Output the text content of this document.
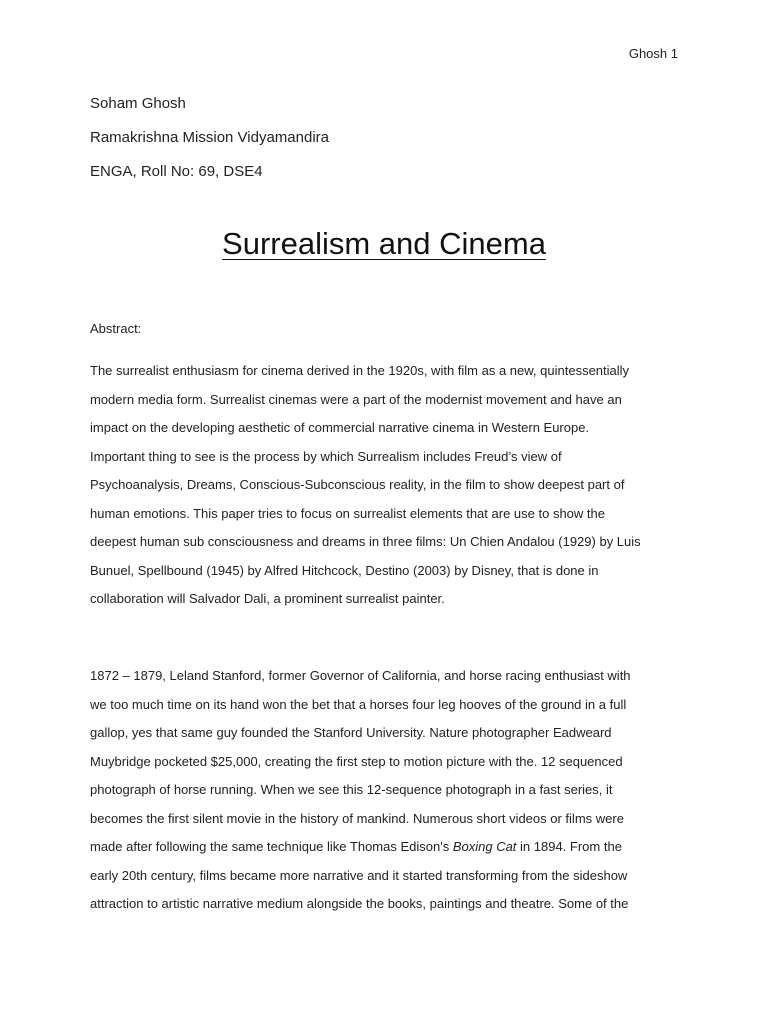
Ghosh 1
Soham Ghosh
Ramakrishna Mission Vidyamandira
ENGA, Roll No: 69, DSE4
Surrealism and Cinema
Abstract:
The surrealist enthusiasm for cinema derived in the 1920s, with film as a new, quintessentially
modern media form. Surrealist cinemas were a part of the modernist movement and have an
impact on the developing aesthetic of commercial narrative cinema in Western Europe.
Important thing to see is the process by which Surrealism includes Freud’s view of
Psychoanalysis, Dreams, Conscious-Subconscious reality, in the film to show deepest part of
human emotions. This paper tries to focus on surrealist elements that are use to show the
deepest human sub consciousness and dreams in three films: Un Chien Andalou (1929) by Luis
Bunuel, Spellbound (1945) by Alfred Hitchcock, Destino (2003) by Disney, that is done in
collaboration will Salvador Dali, a prominent surrealist painter.
1872 – 1879, Leland Stanford, former Governor of California, and horse racing enthusiast with
we too much time on its hand won the bet that a horses four leg hooves of the ground in a full
gallop, yes that same guy founded the Stanford University. Nature photographer Eadweard
Muybridge pocketed $25,000, creating the first step to motion picture with the. 12 sequenced
photograph of horse running. When we see this 12-sequence photograph in a fast series, it
becomes the first silent movie in the history of mankind. Numerous short videos or films were
made after following the same technique like Thomas Edison's Boxing Cat in 1894. From the
early 20th century, films became more narrative and it started transforming from the sideshow
attraction to artistic narrative medium alongside the books, paintings and theatre. Some of the
